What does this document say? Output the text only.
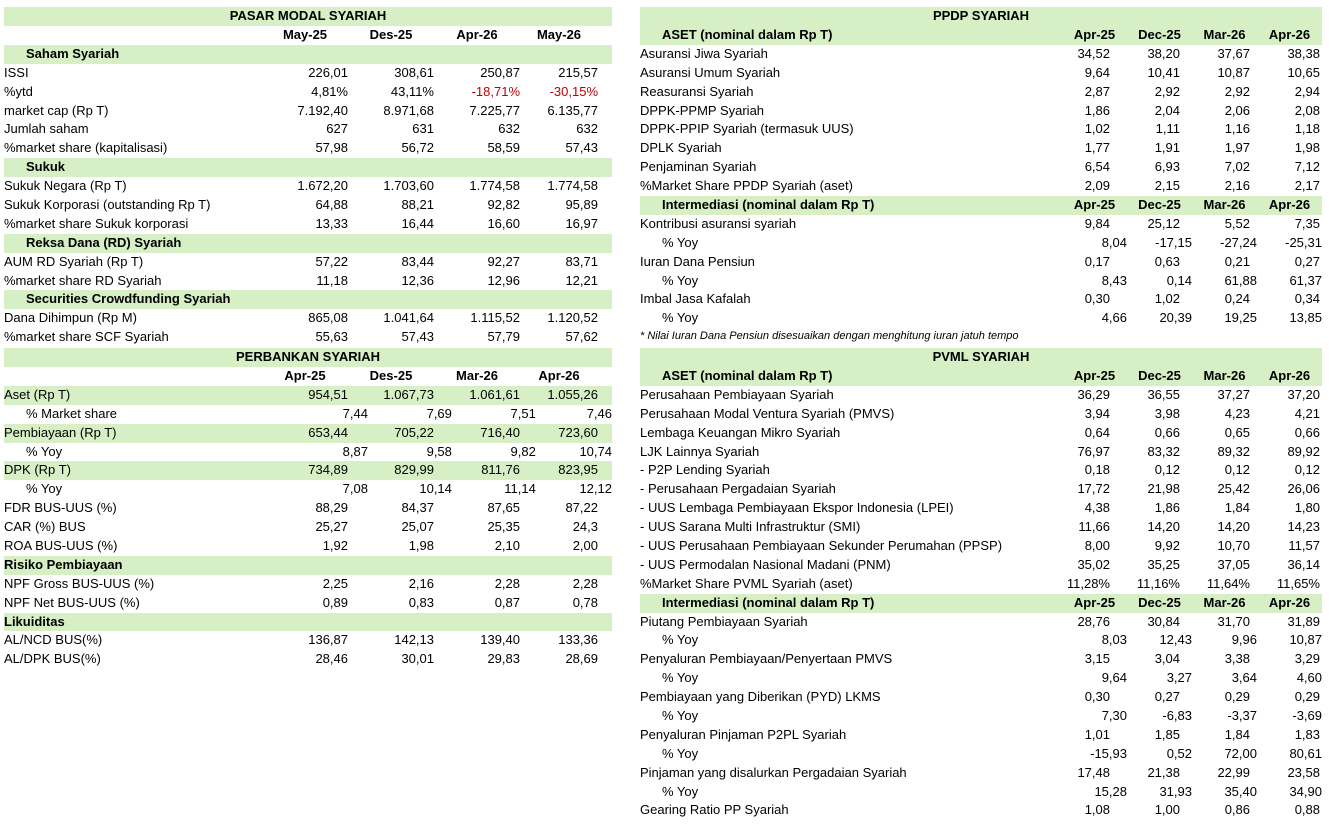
PASAR MODAL SYARIAH
May-25	Des-25	Apr-26	May-26
Saham Syariah
ISSI	226,01	308,61	250,87	215,57
%ytd	4,81%	43,11%	-18,71%	-30,15%
market cap (Rp T)	7.192,40	8.971,68	7.225,77	6.135,77
Jumlah saham	627	631	632	632
%market share (kapitalisasi)	57,98	56,72	58,59	57,43
Sukuk
Sukuk Negara (Rp T)	1.672,20	1.703,60	1.774,58	1.774,58
Sukuk Korporasi (outstanding Rp T)	64,88	88,21	92,82	95,89
%market share Sukuk korporasi	13,33	16,44	16,60	16,97
Reksa Dana (RD) Syariah
AUM RD Syariah (Rp T)	57,22	83,44	92,27	83,71
%market share RD Syariah	11,18	12,36	12,96	12,21
Securities Crowdfunding Syariah
Dana Dihimpun (Rp M)	865,08	1.041,64	1.115,52	1.120,52
%market share SCF Syariah	55,63	57,43	57,79	57,62
PERBANKAN SYARIAH
Apr-25	Des-25	Mar-26	Apr-26
Aset (Rp T)	954,51	1.067,73	1.061,61	1.055,26
% Market share	7,44	7,69	7,51	7,46
Pembiayaan (Rp T)	653,44	705,22	716,40	723,60
% Yoy	8,87	9,58	9,82	10,74
DPK (Rp T)	734,89	829,99	811,76	823,95
% Yoy	7,08	10,14	11,14	12,12
FDR BUS-UUS (%)	88,29	84,37	87,65	87,22
CAR (%) BUS	25,27	25,07	25,35	24,3
ROA BUS-UUS (%)	1,92	1,98	2,10	2,00
Risiko Pembiayaan
NPF Gross BUS-UUS (%)	2,25	2,16	2,28	2,28
NPF Net BUS-UUS (%)	0,89	0,83	0,87	0,78
Likuiditas
AL/NCD BUS(%)	136,87	142,13	139,40	133,36
AL/DPK BUS(%)	28,46	30,01	29,83	28,69
PPDP SYARIAH
ASET (nominal dalam Rp T)	Apr-25	Dec-25	Mar-26	Apr-26
Asuransi Jiwa Syariah	34,52	38,20	37,67	38,38
Asuransi Umum Syariah	9,64	10,41	10,87	10,65
Reasuransi Syariah	2,87	2,92	2,92	2,94
DPPK-PPMP Syariah	1,86	2,04	2,06	2,08
DPPK-PPIP Syariah (termasuk UUS)	1,02	1,11	1,16	1,18
DPLK Syariah	1,77	1,91	1,97	1,98
Penjaminan Syariah	6,54	6,93	7,02	7,12
%Market Share PPDP Syariah (aset)	2,09	2,15	2,16	2,17
Intermediasi (nominal dalam Rp T)	Apr-25	Dec-25	Mar-26	Apr-26
Kontribusi asuransi syariah	9,84	25,12	5,52	7,35
% Yoy	8,04	-17,15	-27,24	-25,31
Iuran Dana Pensiun	0,17	0,63	0,21	0,27
% Yoy	8,43	0,14	61,88	61,37
Imbal Jasa Kafalah	0,30	1,02	0,24	0,34
% Yoy	4,66	20,39	19,25	13,85
* Nilai Iuran Dana Pensiun disesuaikan dengan menghitung iuran jatuh tempo
PVML SYARIAH
ASET (nominal dalam Rp T)	Apr-25	Dec-25	Mar-26	Apr-26
Perusahaan Pembiayaan Syariah	36,29	36,55	37,27	37,20
Perusahaan Modal Ventura Syariah (PMVS)	3,94	3,98	4,23	4,21
Lembaga Keuangan Mikro Syariah	0,64	0,66	0,65	0,66
LJK Lainnya Syariah	76,97	83,32	89,32	89,92
- P2P Lending Syariah	0,18	0,12	0,12	0,12
- Perusahaan Pergadaian Syariah	17,72	21,98	25,42	26,06
- UUS Lembaga Pembiayaan Ekspor Indonesia (LPEI)	4,38	1,86	1,84	1,80
- UUS Sarana Multi Infrastruktur (SMI)	11,66	14,20	14,20	14,23
- UUS Perusahaan Pembiayaan Sekunder Perumahan (PPSP)	8,00	9,92	10,70	11,57
- UUS Permodalan Nasional Madani (PNM)	35,02	35,25	37,05	36,14
%Market Share PVML Syariah (aset)	11,28%	11,16%	11,64%	11,65%
Intermediasi (nominal dalam Rp T)	Apr-25	Dec-25	Mar-26	Apr-26
Piutang Pembiayaan Syariah	28,76	30,84	31,70	31,89
% Yoy	8,03	12,43	9,96	10,87
Penyaluran Pembiayaan/Penyertaan PMVS	3,15	3,04	3,38	3,29
% Yoy	9,64	3,27	3,64	4,60
Pembiayaan yang Diberikan (PYD) LKMS	0,30	0,27	0,29	0,29
% Yoy	7,30	-6,83	-3,37	-3,69
Penyaluran Pinjaman P2PL Syariah	1,01	1,85	1,84	1,83
% Yoy	-15,93	0,52	72,00	80,61
Pinjaman yang disalurkan Pergadaian Syariah	17,48	21,38	22,99	23,58
% Yoy	15,28	31,93	35,40	34,90
Gearing Ratio PP Syariah	1,08	1,00	0,86	0,88
